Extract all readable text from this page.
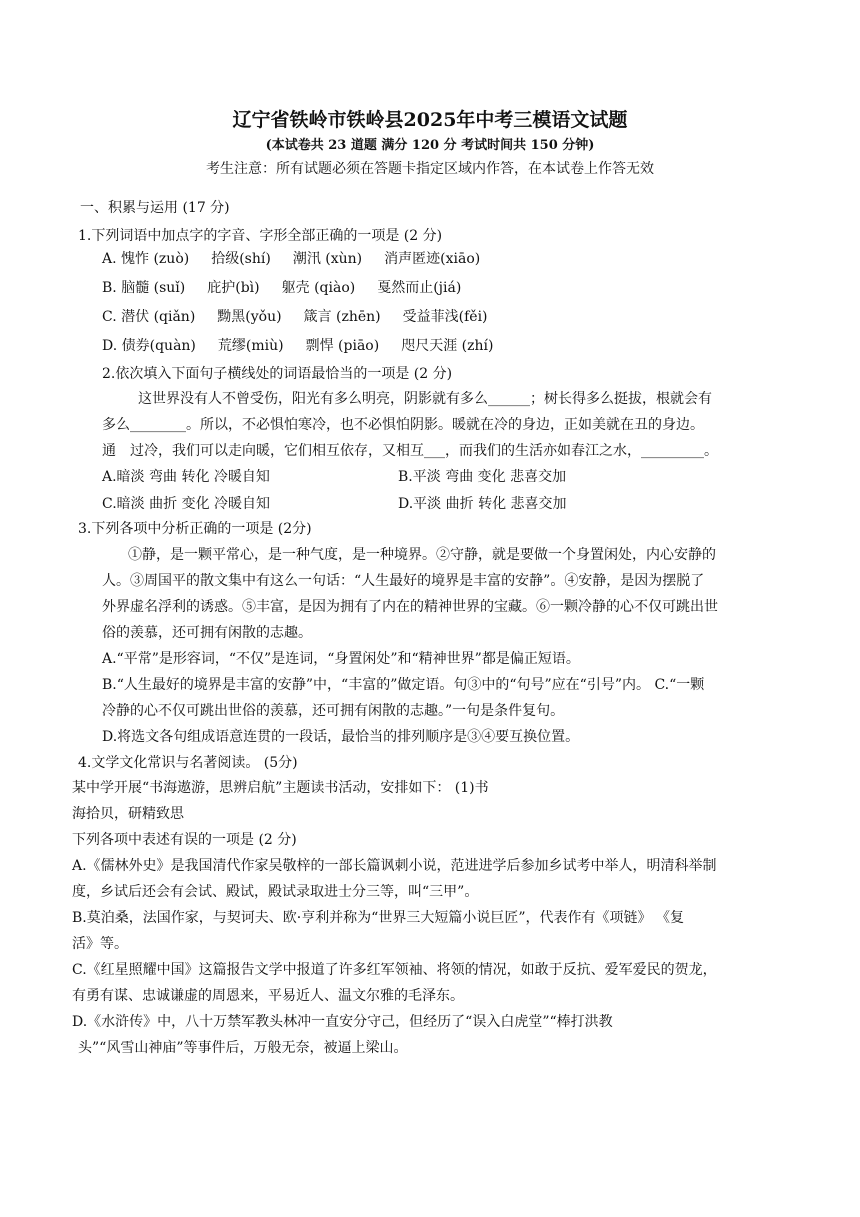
辽宁省铁岭市铁岭县2025年中考三模语文试题
(本试卷共 23 道题 满分 120 分 考试时间共 150 分钟)
考生注意：所有试题必须在答题卡指定区域内作答，在本试卷上作答无效
一、积累与运用 (17 分)
1.下列词语中加点字的字音、字形全部正确的一项是 (2 分)
A. 愧怍 (zuò) 拾级(shí) 潮汛 (xùn) 消声匿迹(xiāo)
B. 脑髓 (suǐ) 庇护(bì) 躯壳 (qiào) 戛然而止(jiá)
C. 潜伏 (qiǎn) 黝黑(yǒu) 箴言 (zhēn) 受益菲浅(fěi)
D. 债券(quàn) 荒缪(miù) 剽悍 (piāo) 咫尺天涯 (zhí)
2.依次填入下面句子横线处的词语最恰当的一项是 (2 分)
这世界没有人不曾受伤，阳光有多么明亮，阴影就有多么______；树长得多么挺拔，根就会有
多么________。所以，不必惧怕寒冷，也不必惧怕阴影。暖就在冷的身边，正如美就在丑的身边。
通　过冷，我们可以走向暖，它们相互依存，又相互___，而我们的生活亦如春江之水，_________。
A.暗淡 弯曲 转化 冷暖自知	B.平淡 弯曲 变化 悲喜交加
C.暗淡 曲折 变化 冷暖自知	D.平淡 曲折 转化 悲喜交加
3.下列各项中分析正确的一项是 (2分)
①静，是一颗平常心，是一种气度，是一种境界。②守静，就是要做一个身置闲处，内心安静的
人。③周国平的散文集中有这么一句话：“人生最好的境界是丰富的安静”。④安静，是因为摆脱了
外界虚名浮利的诱惑。⑤丰富，是因为拥有了内在的精神世界的宝藏。⑥一颗冷静的心不仅可跳出世
俗的羡慕，还可拥有闲散的志趣。
A.“平常”是形容词，“不仅”是连词，“身置闲处”和“精神世界”都是偏正短语。
B.“人生最好的境界是丰富的安静”中，“丰富的”做定语。句③中的“句号”应在“引号”内。 C.“一颗
冷静的心不仅可跳出世俗的羡慕，还可拥有闲散的志趣。”一句是条件复句。
D.将选文各句组成语意连贯的一段话，最恰当的排列顺序是③④要互换位置。
4.文学文化常识与名著阅读。 (5分)
某中学开展“书海遨游，思辨启航”主题读书活动，安排如下： (1)书
海拾贝，研精致思
下列各项中表述有误的一项是 (2 分)
A.《儒林外史》是我国清代作家吴敬梓的一部长篇讽刺小说，范进进学后参加乡试考中举人，明清科举制
度，乡试后还会有会试、殿试，殿试录取进士分三等，叫“三甲”。
B.莫泊桑，法国作家，与契诃夫、欧·亨利并称为“世界三大短篇小说巨匠”，代表作有《项链》 《复
活》等。
C.《红星照耀中国》这篇报告文学中报道了许多红军领袖、将领的情况，如敢于反抗、爱军爱民的贺龙，
有勇有谋、忠诚谦虚的周恩来，平易近人、温文尔雅的毛泽东。
D.《水浒传》中，八十万禁军教头林冲一直安分守己，但经历了“误入白虎堂”“棒打洪教
头”“风雪山神庙”等事件后，万般无奈，被逼上梁山。
